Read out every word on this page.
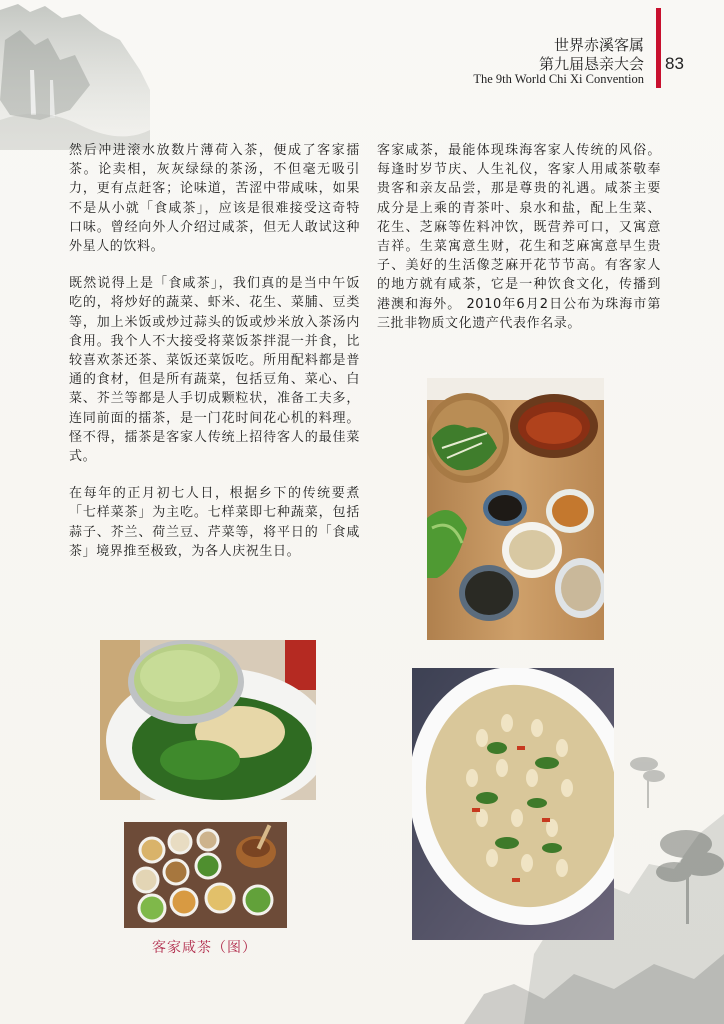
世界赤溪客属
第九届恳亲大会
The 9th World Chi Xi Convention
83

然后冲进滚水放数片薄荷入茶，便成了客家擂茶。论卖相，灰灰绿绿的茶汤，不但毫无吸引力，更有点赶客；论味道，苦涩中带咸味，如果不是从小就「食咸茶」，应该是很难接受这奇特口味。曾经向外人介绍过咸茶，但无人敢试这种外星人的饮料。

既然说得上是「食咸茶」，我们真的是当中午饭吃的，将炒好的蔬菜、虾米、花生、菜脯、豆类等，加上米饭或炒过蒜头的饭或炒米放入茶汤内食用。我个人不大接受将菜饭茶拌混一并食，比较喜欢茶还茶、菜饭还菜饭吃。所用配料都是普通的食材，但是所有蔬菜，包括豆角、菜心、白菜、芥兰等都是人手切成颗粒状，准备工夫多，连同前面的擂茶，是一门花时间花心机的料理。怪不得，擂茶是客家人传统上招待客人的最佳菜式。

在每年的正月初七人日，根据乡下的传统要煮「七样菜茶」为主吃。七样菜即七种蔬菜，包括蒜子、芥兰、荷兰豆、芹菜等，将平日的「食咸茶」境界推至极致，为各人庆祝生日。

客家咸茶，最能体现珠海客家人传统的风俗。每逢时岁节庆、人生礼仪，客家人用咸茶敬奉贵客和亲友品尝，那是尊贵的礼遇。咸茶主要成分是上乘的青茶叶、泉水和盐，配上生菜、花生、芝麻等佐料冲饮，既营养可口，又寓意吉祥。生菜寓意生财，花生和芝麻寓意早生贵子、美好的生活像芝麻开花节节高。有客家人的地方就有咸茶，它是一种饮食文化，传播到港澳和海外。 2010年6月2日公布为珠海市第三批非物质文化遗产代表作名录。

客家咸茶（图）
